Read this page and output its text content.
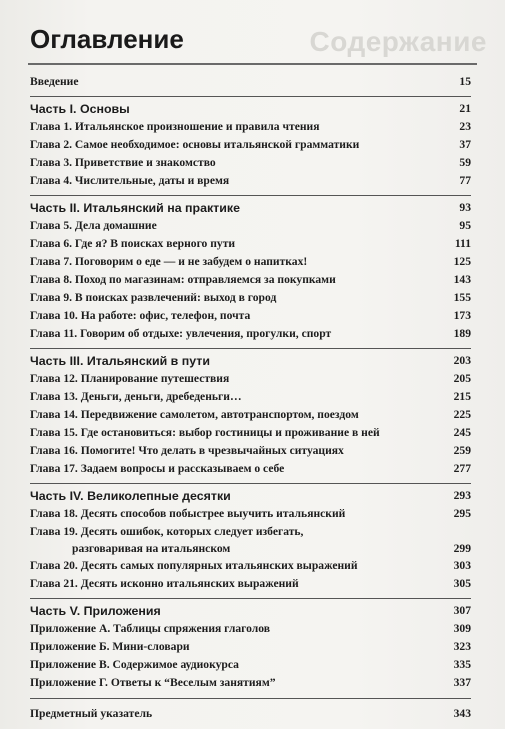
Содержание
Оглавление
Введение	15
Часть I. Основы	21
Глава 1. Итальянское произношение и правила чтения	23
Глава 2. Самое необходимое: основы итальянской грамматики	37
Глава 3. Приветствие и знакомство	59
Глава 4. Числительные, даты и время	77
Часть II. Итальянский на практике	93
Глава 5. Дела домашние	95
Глава 6. Где я? В поисках верного пути	111
Глава 7. Поговорим о еде — и не забудем о напитках!	125
Глава 8. Поход по магазинам: отправляемся за покупками	143
Глава 9. В поисках развлечений: выход в город	155
Глава 10. На работе: офис, телефон, почта	173
Глава 11. Говорим об отдыхе: увлечения, прогулки, спорт	189
Часть III. Итальянский в пути	203
Глава 12. Планирование путешествия	205
Глава 13. Деньги, деньги, дребеденьги…	215
Глава 14. Передвижение самолетом, автотранспортом, поездом	225
Глава 15. Где остановиться: выбор гостиницы и проживание в ней	245
Глава 16. Помогите! Что делать в чрезвычайных ситуациях	259
Глава 17. Задаем вопросы и рассказываем о себе	277
Часть IV. Великолепные десятки	293
Глава 18. Десять способов побыстрее выучить итальянский	295
Глава 19. Десять ошибок, которых следует избегать,
разговаривая на итальянском	299
Глава 20. Десять самых популярных итальянских выражений	303
Глава 21. Десять исконно итальянских выражений	305
Часть V. Приложения	307
Приложение А. Таблицы спряжения глаголов	309
Приложение Б. Мини-словари	323
Приложение В. Содержимое аудиокурса	335
Приложение Г. Ответы к “Веселым занятиям”	337
Предметный указатель	343
